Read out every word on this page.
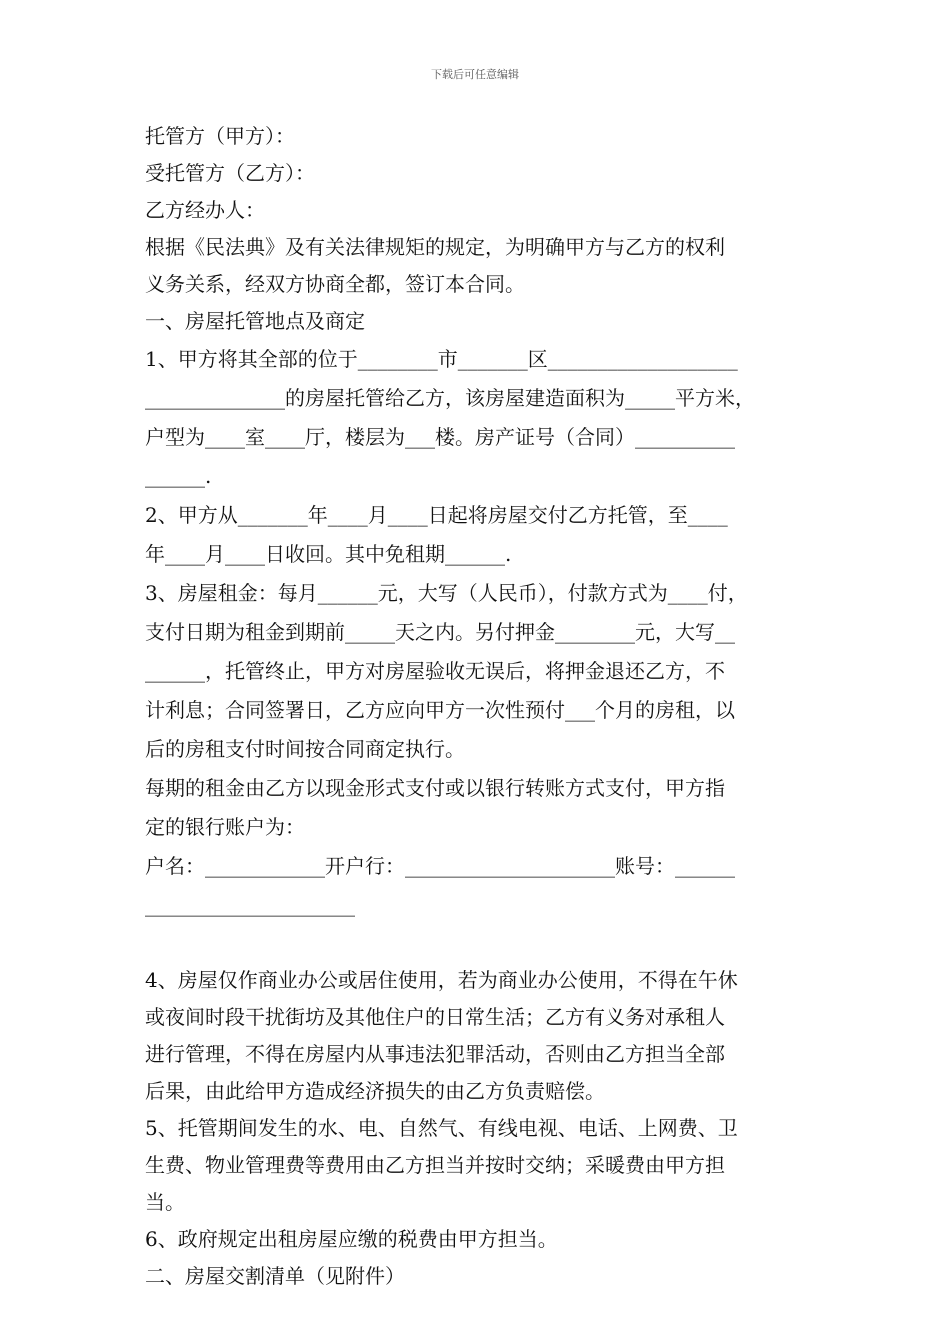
下载后可任意编辑
托管方（甲方）：
受托管方（乙方）：
乙方经办人：
根据《民法典》及有关法律规矩的规定，为明确甲方与乙方的权利
义务关系，经双方协商全都，签订本合同。
一、房屋托管地点及商定
1、甲方将其全部的位于________市_______区___________________
______________的房屋托管给乙方，该房屋建造面积为_____平方米，
户型为____室____厅，楼层为___楼。房产证号（合同）__________
______.
2、甲方从_______年____月____日起将房屋交付乙方托管，至____
年____月____日收回。其中免租期______.
3、房屋租金：每月______元，大写（人民币），付款方式为____付，
支付日期为租金到期前_____天之内。另付押金________元，大写__
______，托管终止，甲方对房屋验收无误后，将押金退还乙方，不
计利息；合同签署日，乙方应向甲方一次性预付___个月的房租，以
后的房租支付时间按合同商定执行。
每期的租金由乙方以现金形式支付或以银行转账方式支付，甲方指
定的银行账户为：
户名：____________开户行：_____________________账号：______
_____________________
4、房屋仅作商业办公或居住使用，若为商业办公使用，不得在午休
或夜间时段干扰街坊及其他住户的日常生活；乙方有义务对承租人
进行管理，不得在房屋内从事违法犯罪活动，否则由乙方担当全部
后果，由此给甲方造成经济损失的由乙方负责赔偿。
5、托管期间发生的水、电、自然气、有线电视、电话、上网费、卫
生费、物业管理费等费用由乙方担当并按时交纳；采暖费由甲方担
当。
6、政府规定出租房屋应缴的税费由甲方担当。
二、房屋交割清单（见附件）
